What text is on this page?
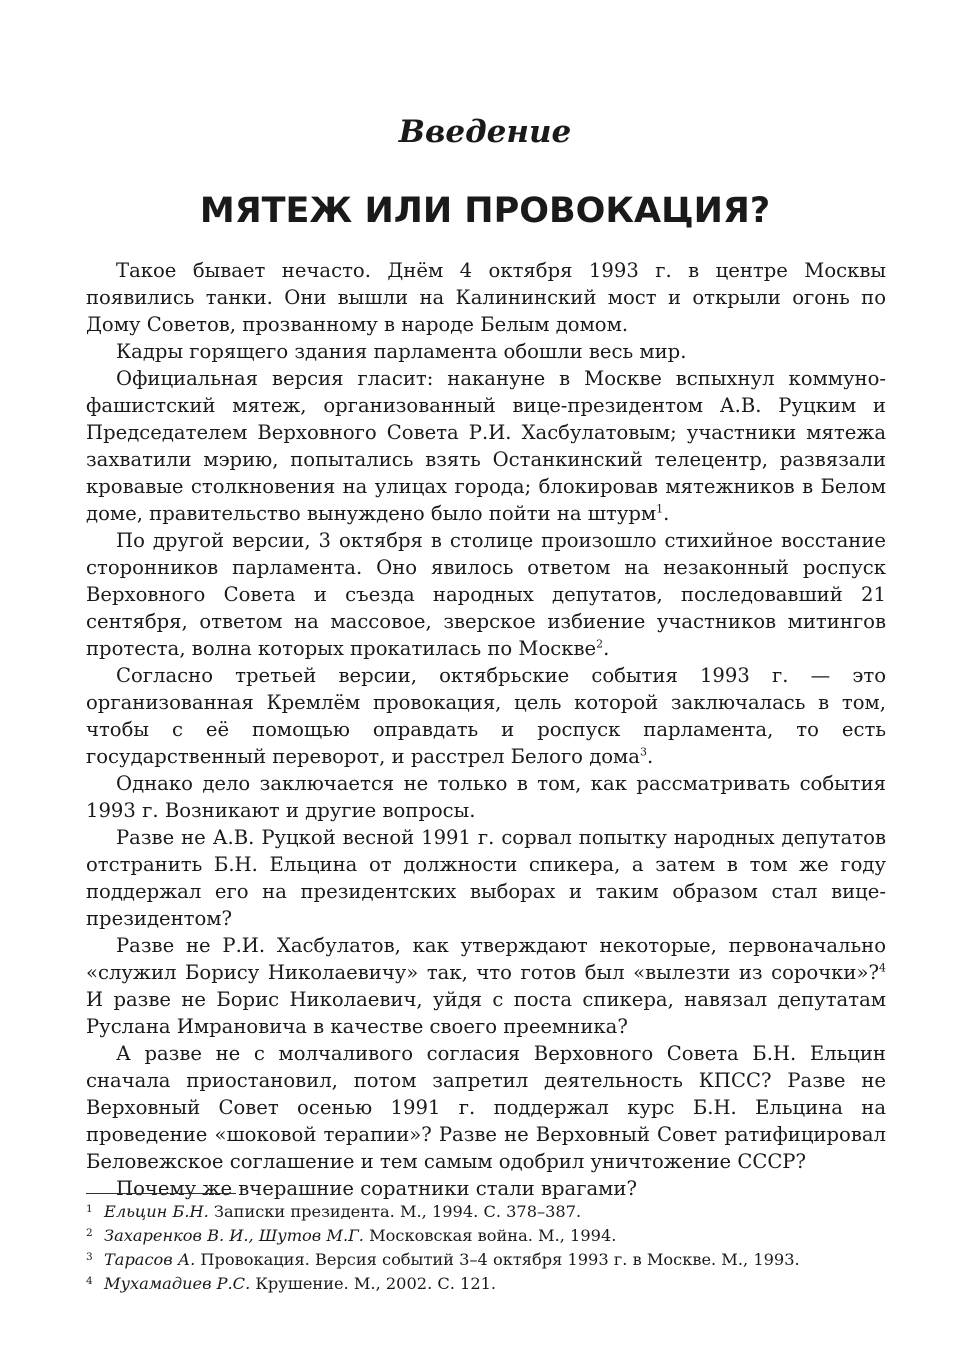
Введение
МЯТЕЖ ИЛИ ПРОВОКАЦИЯ?

Такое бывает нечасто. Днём 4 октября 1993 г. в центре Москвы появились танки. Они вышли на Калининский мост и открыли огонь по Дому Советов, прозванному в народе Белым домом.

Кадры горящего здания парламента обошли весь мир.

Официальная версия гласит: накануне в Москве вспыхнул коммуно-фашистский мятеж, организованный вице-президентом А.В. Руцким и Председателем Верховного Совета Р.И. Хасбулатовым; участники мятежа захватили мэрию, попытались взять Останкинский телецентр, развязали кровавые столкновения на улицах города; блокировав мятежников в Белом доме, правительство вынуждено было пойти на штурм$^1$.

По другой версии, 3 октября в столице произошло стихийное восстание сторонников парламента. Оно явилось ответом на незаконный роспуск Верховного Совета и съезда народных депутатов, последовавший 21 сентября, ответом на массовое, зверское избиение участников митингов протеста, волна которых прокатилась по Москве$^2$.

Согласно третьей версии, октябрьские события 1993 г. — это организованная Кремлём провокация, цель которой заключалась в том, чтобы с её помощью оправдать и роспуск парламента, то есть государственный переворот, и расстрел Белого дома$^3$.

Однако дело заключается не только в том, как рассматривать события 1993 г. Возникают и другие вопросы.

Разве не А.В. Руцкой весной 1991 г. сорвал попытку народных депутатов отстранить Б.Н. Ельцина от должности спикера, а затем в том же году поддержал его на президентских выборах и таким образом стал вице-президентом?

Разве не Р.И. Хасбулатов, как утверждают некоторые, первоначально «служил Борису Николаевичу» так, что готов был «вылезти из сорочки»?$^4$ И разве не Борис Николаевич, уйдя с поста спикера, навязал депутатам Руслана Имрановича в качестве своего преемника?

А разве не с молчаливого согласия Верховного Совета Б.Н. Ельцин сначала приостановил, потом запретил деятельность КПСС? Разве не Верховный Совет осенью 1991 г. поддержал курс Б.Н. Ельцина на проведение «шоковой терапии»? Разве не Верховный Совет ратифицировал Беловежское соглашение и тем самым одобрил уничтожение СССР?

Почему же вчерашние соратники стали врагами?

1 Ельцин Б.Н. Записки президента. М., 1994. С. 378–387.
2 Захаренков В. И., Шутов М.Г. Московская война. М., 1994.
3 Тарасов А. Провокация. Версия событий 3–4 октября 1993 г. в Москве. М., 1993.
4 Мухамадиев Р.С. Крушение. М., 2002. С. 121.
